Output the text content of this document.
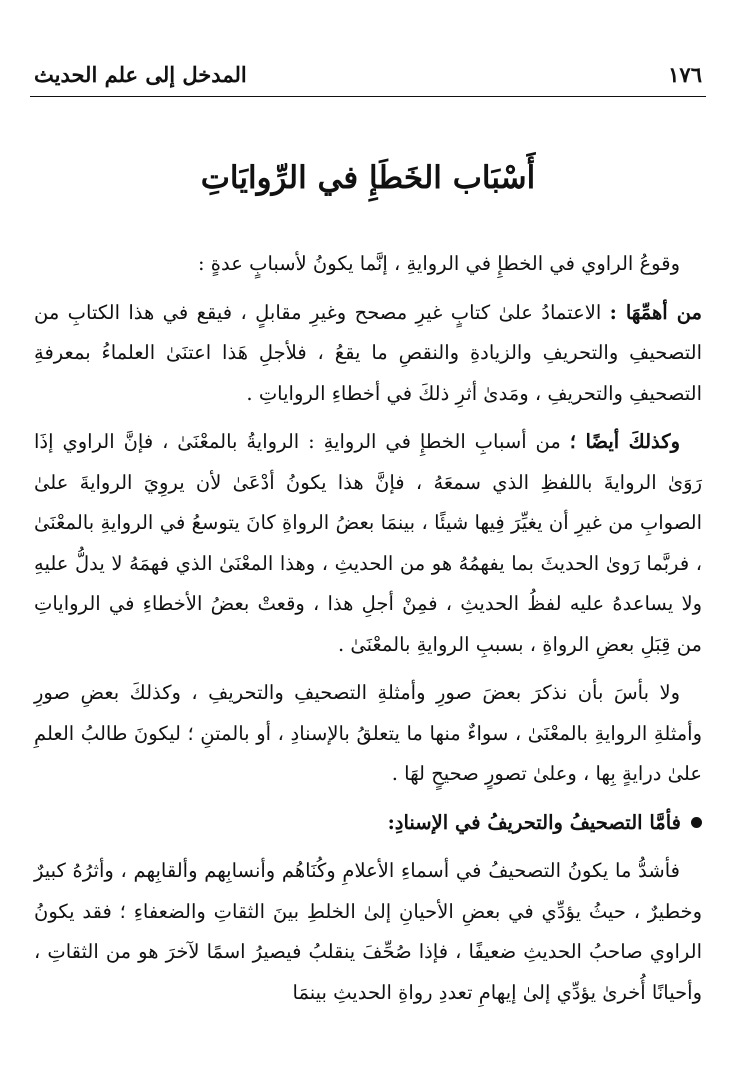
١٧٦
المدخل إلى علم الحديث
أَسْبَاب الخَطَإِ في الرِّوايَاتِ

وقوعُ الراوي في الخطإِ في الروايةِ ، إنَّما يكونُ لأسبابٍ عدةٍ :

من أهمِّهَا : الاعتمادُ علىٰ كتابٍ غيرِ مصحح وغيرِ مقابلٍ ، فيقع في هذا الكتابِ من التصحيفِ والتحريفِ والزيادةِ والنقصِ ما يقعُ ، فلأجلِ هَذا اعتنَىٰ العلماءُ بمعرفةِ التصحيفِ والتحريفِ ، ومَدىٰ أثرِ ذلكَ في أخطاءِ الرواياتِ .

وكذلكَ أيضًا ؛ من أسبابِ الخطإِ في الروايةِ : الروايةُ بالمعْنَىٰ ، فإنَّ الراوي إذَا رَوَىٰ الروايةَ باللفظِ الذي سمعَهُ ، فإنَّ هذا يكونُ أدْعَىٰ لأن يروِيَ الروايةَ علىٰ الصوابِ من غيرِ أن يغيِّرَ فِيها شيئًا ، بينمَا بعضُ الرواةِ كانَ يتوسعُ في الروايةِ بالمعْنَىٰ ، فربَّما رَوىٰ الحديثَ بما يفهمُهُ هو من الحديثِ ، وهذا المعْنَىٰ الذي فهمَهُ لا يدلُّ عليهِ ولا يساعدهُ عليه لفظُ الحديثِ ، فمِنْ أجلِ هذا ، وقعتْ بعضُ الأخطاءِ في الرواياتِ من قِبَلِ بعضِ الرواةِ ، بسببِ الروايةِ بالمعْنَىٰ .

ولا بأسَ بأن نذكرَ بعضَ صورِ وأمثلةِ التصحيفِ والتحريفِ ، وكذلكَ بعضِ صورِ وأمثلةِ الروايةِ بالمعْنَىٰ ، سواءٌ منها ما يتعلقُ بالإسنادِ ، أو بالمتنِ ؛ ليكونَ طالبُ العلمِ علىٰ درايةٍ بِها ، وعلىٰ تصورٍ صحيحٍ لهَا .

فأمَّا التصحيفُ والتحريفُ في الإسنادِ:

فأشدُّ ما يكونُ التصحيفُ في أسماءِ الأعلامِ وكُنَاهُم وأنسابِهم وألقابِهم ، وأثرُهُ كبيرٌ وخطيرٌ ، حيثُ يؤدِّي في بعضِ الأحيانِ إلىٰ الخلطِ بينَ الثقاتِ والضعفاءِ ؛ فقد يكونُ الراوي صاحبُ الحديثِ ضعيفًا ، فإذا صُحِّفَ ينقلبُ فيصيرُ اسمًا لآخرَ هو من الثقاتِ ، وأحيانًا أُخرىٰ يؤدِّي إلىٰ إيهامِ تعددِ رواةِ الحديثِ بينمَا
